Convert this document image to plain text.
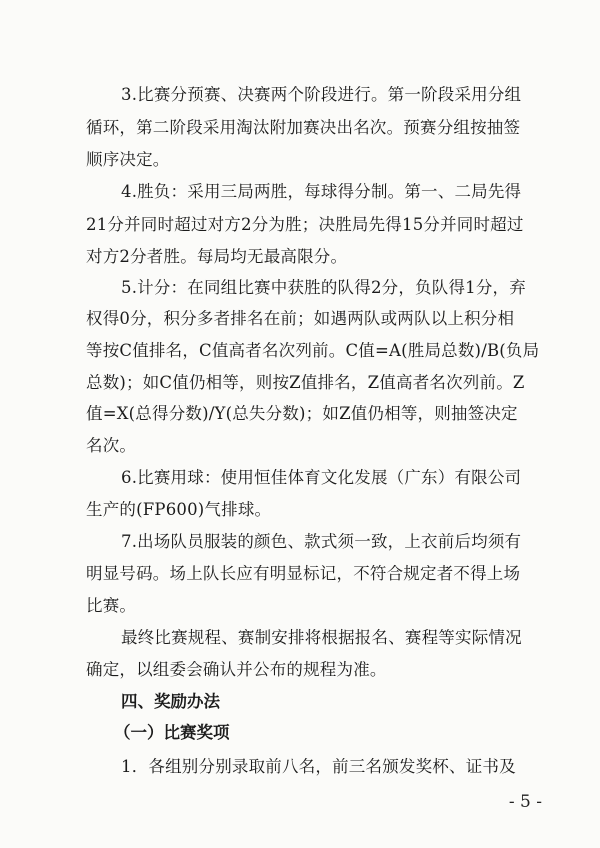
3.比赛分预赛、决赛两个阶段进行。第一阶段采用分组
循环，第二阶段采用淘汰附加赛决出名次。预赛分组按抽签
顺序决定。
4.胜负：采用三局两胜，每球得分制。第一、二局先得
21分并同时超过对方2分为胜；决胜局先得15分并同时超过
对方2分者胜。每局均无最高限分。
5.计分：在同组比赛中获胜的队得2分，负队得1分，弃
权得0分，积分多者排名在前；如遇两队或两队以上积分相
等按C值排名，C值高者名次列前。C值=A(胜局总数)/B(负局
总数)；如C值仍相等，则按Z值排名，Z值高者名次列前。Z
值=X(总得分数)/Y(总失分数)；如Z值仍相等，则抽签决定
名次。
6.比赛用球：使用恒佳体育文化发展（广东）有限公司
生产的(FP600)气排球。
7.出场队员服装的颜色、款式须一致，上衣前后均须有
明显号码。场上队长应有明显标记，不符合规定者不得上场
比赛。
最终比赛规程、赛制安排将根据报名、赛程等实际情况
确定，以组委会确认并公布的规程为准。
四、奖励办法
（一）比赛奖项
1．各组别分别录取前八名，前三名颁发奖杯、证书及
- 5 -
